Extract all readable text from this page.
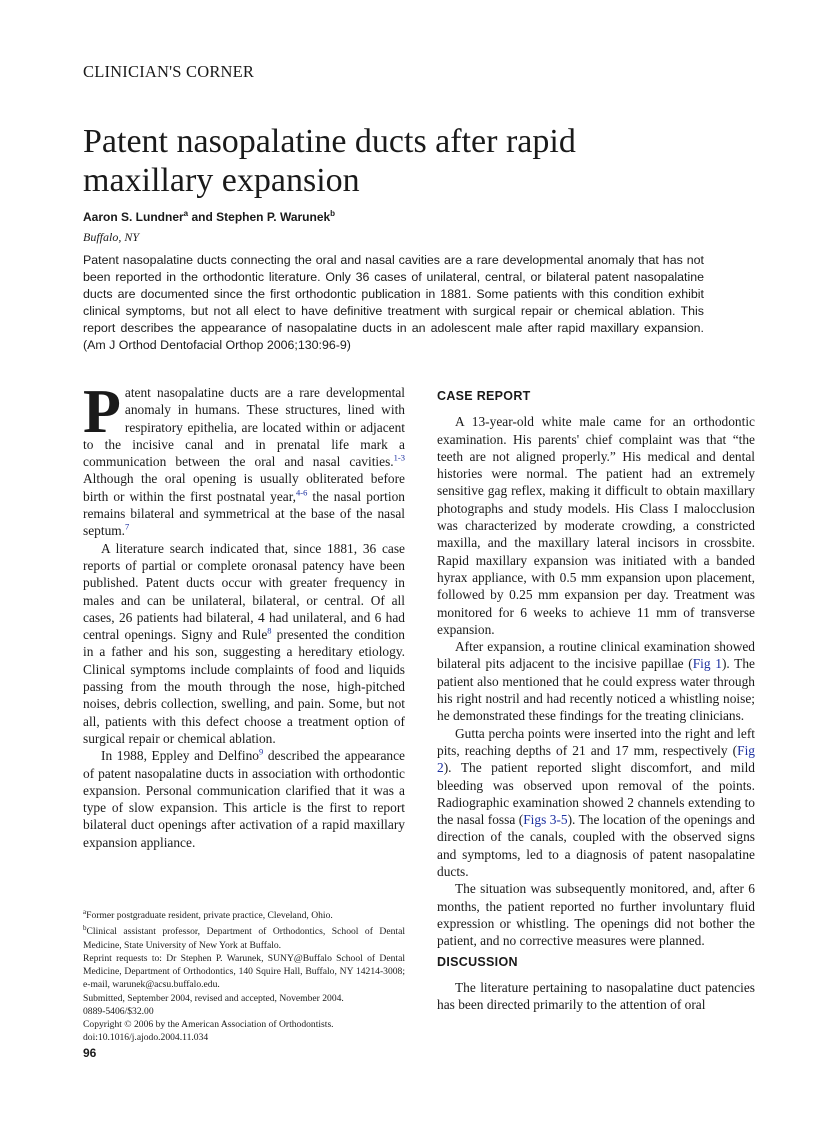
CLINICIAN'S CORNER
Patent nasopalatine ducts after rapid maxillary expansion
Aaron S. Lundner$^a$ and Stephen P. Warunek$^b$
Buffalo, NY

Patent nasopalatine ducts connecting the oral and nasal cavities are a rare developmental anomaly that has not been reported in the orthodontic literature. Only 36 cases of unilateral, central, or bilateral patent nasopalatine ducts are documented since the first orthodontic publication in 1881. Some patients with this condition exhibit clinical symptoms, but not all elect to have definitive treatment with surgical repair or chemical ablation. This report describes the appearance of nasopalatine ducts in an adolescent male after rapid maxillary expansion. (Am J Orthod Dentofacial Orthop 2006;130:96-9)

Patent nasopalatine ducts are a rare developmental anomaly in humans. These structures, lined with respiratory epithelia, are located within or adjacent to the incisive canal and in prenatal life mark a communication between the oral and nasal cavities.$^{1-3}$ Although the oral opening is usually obliterated before birth or within the first postnatal year,$^{4-6}$ the nasal portion remains bilateral and symmetrical at the base of the nasal septum.$^7$

A literature search indicated that, since 1881, 36 case reports of partial or complete oronasal patency have been published. Patent ducts occur with greater frequency in males and can be unilateral, bilateral, or central. Of all cases, 26 patients had bilateral, 4 had unilateral, and 6 had central openings. Signy and Rule$^8$ presented the condition in a father and his son, suggesting a hereditary etiology. Clinical symptoms include complaints of food and liquids passing from the mouth through the nose, high-pitched noises, debris collection, swelling, and pain. Some, but not all, patients with this defect choose a treatment option of surgical repair or chemical ablation.

In 1988, Eppley and Delfino$^9$ described the appearance of patent nasopalatine ducts in association with orthodontic expansion. Personal communication clarified that it was a type of slow expansion. This article is the first to report bilateral duct openings after activation of a rapid maxillary expansion appliance.

CASE REPORT

A 13-year-old white male came for an orthodontic examination. His parents' chief complaint was that “the teeth are not aligned properly.” His medical and dental histories were normal. The patient had an extremely sensitive gag reflex, making it difficult to obtain maxillary photographs and study models. His Class I malocclusion was characterized by moderate crowding, a constricted maxilla, and the maxillary lateral incisors in crossbite. Rapid maxillary expansion was initiated with a banded hyrax appliance, with 0.5 mm expansion upon placement, followed by 0.25 mm expansion per day. Treatment was monitored for 6 weeks to achieve 11 mm of transverse expansion.

After expansion, a routine clinical examination showed bilateral pits adjacent to the incisive papillae (Fig 1). The patient also mentioned that he could express water through his right nostril and had recently noticed a whistling noise; he demonstrated these findings for the treating clinicians.

Gutta percha points were inserted into the right and left pits, reaching depths of 21 and 17 mm, respectively (Fig 2). The patient reported slight discomfort, and mild bleeding was observed upon removal of the points. Radiographic examination showed 2 channels extending to the nasal fossa (Figs 3-5). The location of the openings and direction of the canals, coupled with the observed signs and symptoms, led to a diagnosis of patent nasopalatine ducts.

The situation was subsequently monitored, and, after 6 months, the patient reported no further involuntary fluid expression or whistling. The openings did not bother the patient, and no corrective measures were planned.

DISCUSSION

The literature pertaining to nasopalatine duct patencies has been directed primarily to the attention of oral

$^a$Former postgraduate resident, private practice, Cleveland, Ohio.
$^b$Clinical assistant professor, Department of Orthodontics, School of Dental Medicine, State University of New York at Buffalo.
Reprint requests to: Dr Stephen P. Warunek, SUNY@Buffalo School of Dental Medicine, Department of Orthodontics, 140 Squire Hall, Buffalo, NY 14214-3008; e-mail, warunek@acsu.buffalo.edu.
Submitted, September 2004, revised and accepted, November 2004.
0889-5406/$32.00
Copyright © 2006 by the American Association of Orthodontists.
doi:10.1016/j.ajodo.2004.11.034
96
